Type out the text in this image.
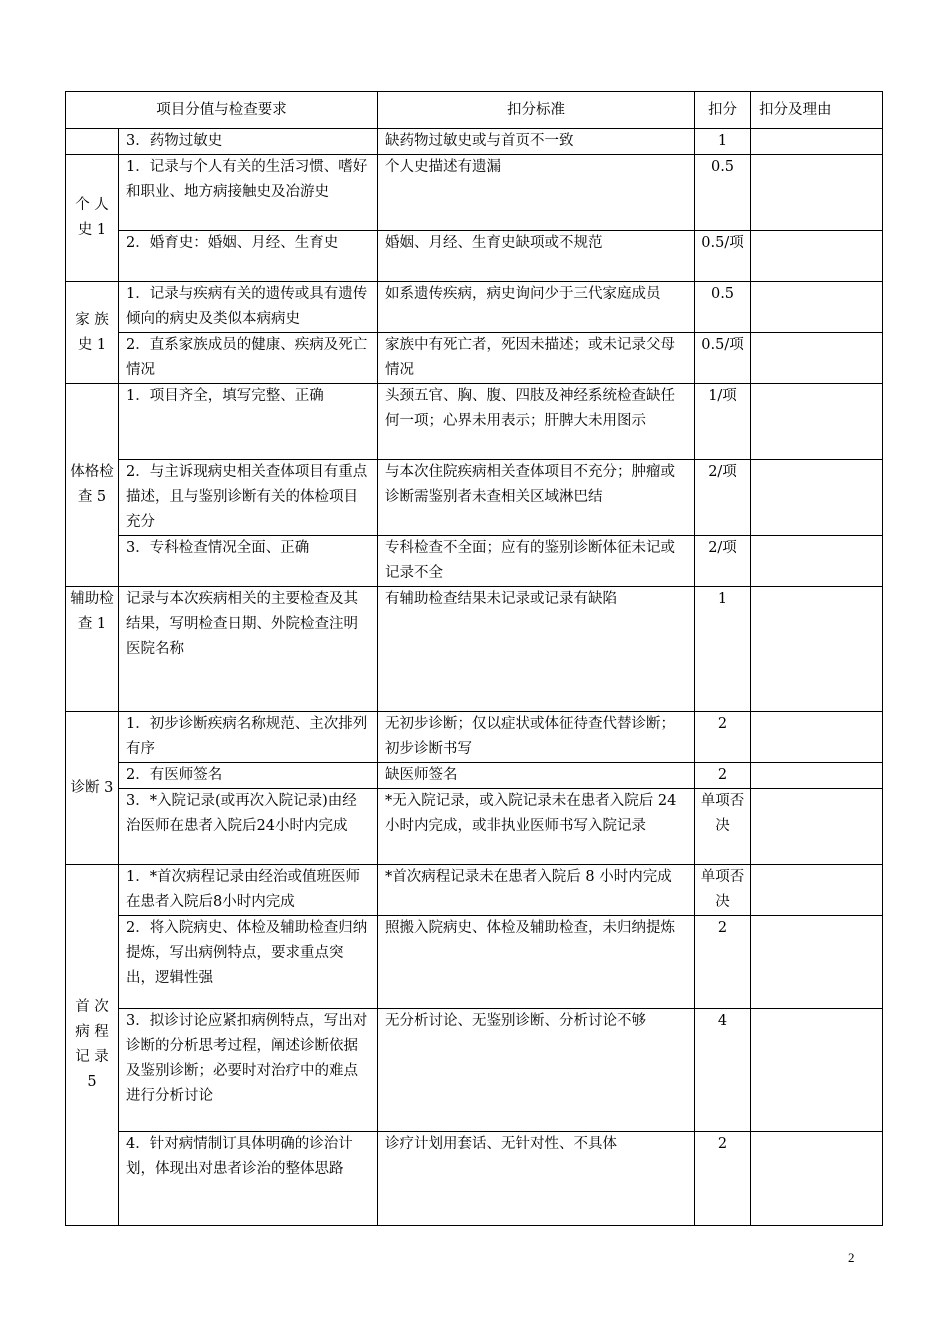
项目分值与检查要求		扣分标准	扣分	扣分及理由
	3．药物过敏史	缺药物过敏史或与首页不一致	1	
个 人 史 1	1．记录与个人有关的生活习惯、嗜好和职业、地方病接触史及冶游史	个人史描述有遗漏	0.5	
	2．婚育史：婚姻、月经、生育史	婚姻、月经、生育史缺项或不规范	0.5/项	
家 族 史 1	1．记录与疾病有关的遗传或具有遗传倾向的病史及类似本病病史	如系遗传疾病，病史询问少于三代家庭成员	0.5	
	2．直系家族成员的健康、疾病及死亡情况	家族中有死亡者，死因未描述；或未记录父母情况	0.5/项	
体格检查 5	1．项目齐全，填写完整、正确	头颈五官、胸、腹、四肢及神经系统检查缺任何一项；心界未用表示；肝脾大未用图示	1/项	
	2．与主诉现病史相关查体项目有重点描述，且与鉴别诊断有关的体检项目充分	与本次住院疾病相关查体项目不充分；肿瘤或诊断需鉴别者未查相关区域淋巴结	2/项	
	3．专科检查情况全面、正确	专科检查不全面；应有的鉴别诊断体征未记或记录不全	2/项	
辅助检查 1	记录与本次疾病相关的主要检查及其结果，写明检查日期、外院检查注明医院名称	有辅助检查结果未记录或记录有缺陷	1	
诊断 3	1．初步诊断疾病名称规范、主次排列有序	无初步诊断；仅以症状或体征待查代替诊断；初步诊断书写	2	
	2．有医师签名	缺医师签名	2	
	3．*入院记录(或再次入院记录)由经治医师在患者入院后24小时内完成	*无入院记录，或入院记录未在患者入院后 24 小时内完成，或非执业医师书写入院记录	单项否决	
首 次 病 程 记 录 5	1．*首次病程记录由经治或值班医师在患者入院后8小时内完成	*首次病程记录未在患者入院后 8 小时内完成	单项否决	
	2．将入院病史、体检及辅助检查归纳提炼，写出病例特点，要求重点突出，逻辑性强	照搬入院病史、体检及辅助检查，未归纳提炼	2	
	3．拟诊讨论应紧扣病例特点，写出对诊断的分析思考过程，阐述诊断依据及鉴别诊断；必要时对治疗中的难点进行分析讨论	无分析讨论、无鉴别诊断、分析讨论不够	4	
	4．针对病情制订具体明确的诊治计划，体现出对患者诊治的整体思路	诊疗计划用套话、无针对性、不具体	2	
2
